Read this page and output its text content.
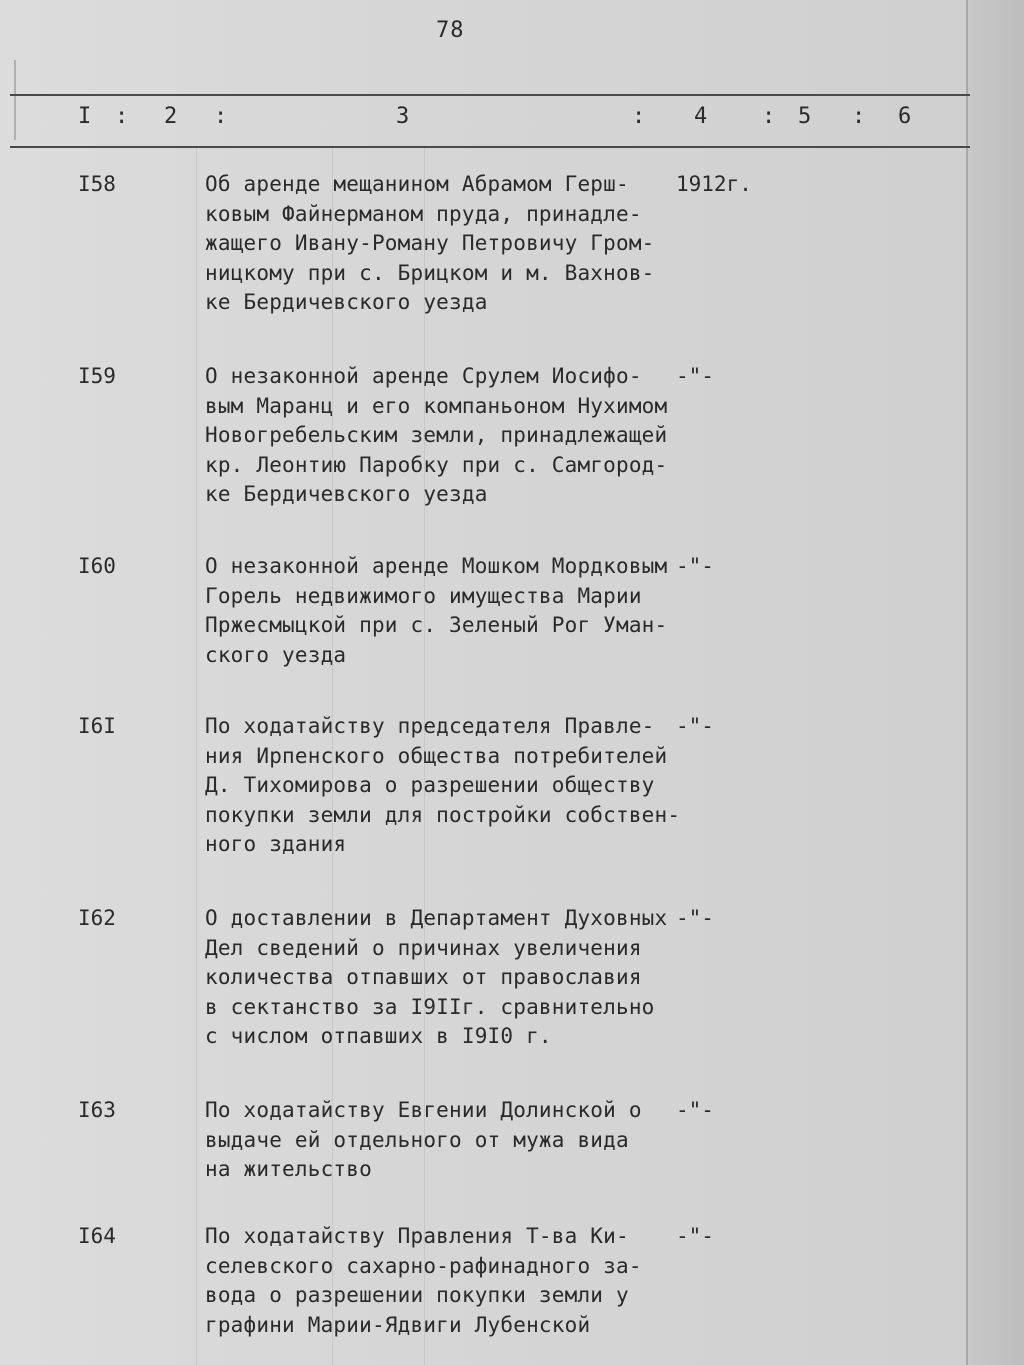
78
I : 2 :	3	: 4 : 5 : 6
I58	Об аренде мещанином Абрамом Герш-
ковым Файнерманом пруда, принадле-
жащего Ивану-Роману Петровичу Гром-
ницкому при с. Брицком и м. Вахнов-
ке Бердичевского уезда
1912г.
I59	О незаконной аренде Срулем Иосифо-
вым Маранц и его компаньоном Нухимом
Новогребельским земли, принадлежащей
кр. Леонтию Паробку при с. Самгород-
ке Бердичевского уезда
-"-
I60	О незаконной аренде Мошком Мордковым
Горель недвижимого имущества Марии
Пржесмыцкой при с. Зеленый Рог Уман-
ского уезда
-"-
I6I	По ходатайству председателя Правле-
ния Ирпенского общества потребителей
Д. Тихомирова о разрешении обществу
покупки земли для постройки собствен-
ного здания
-"-
I62	О доставлении в Департамент Духовных
Дел сведений о причинах увеличения
количества отпавших от православия
в сектанство за I9IIг. сравнительно
с числом отпавших в I9I0 г.
-"-
I63	По ходатайству Евгении Долинской о
выдаче ей отдельного от мужа вида
на жительство
-"-
I64	По ходатайству Правления Т-ва Ки-
селевского сахарно-рафинадного за-
вода о разрешении покупки земли у
графини Марии-Ядвиги Лубенской
-"-
